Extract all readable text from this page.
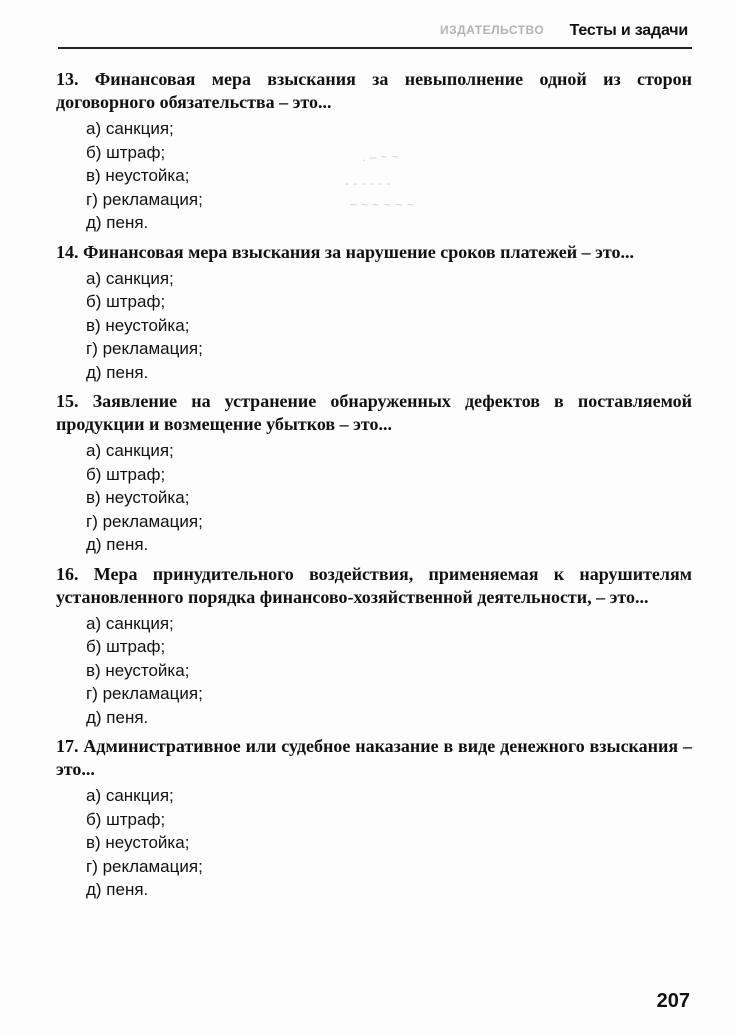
ИЗДАТЕЛЬСТВО Тесты и задачи
. – ~ ~
- - - - - -
~ ~ ~ ~ ~ ~

13. Финансовая мера взыскания за невыполнение одной из сторон договорного обязательства – это...

а) санкция;
б) штраф;
в) неустойка;
г) рекламация;
д) пеня.

14. Финансовая мера взыскания за нарушение сроков платежей – это...

а) санкция;
б) штраф;
в) неустойка;
г) рекламация;
д) пеня.

15. Заявление на устранение обнаруженных дефектов в поставляемой продукции и возмещение убытков – это...

а) санкция;
б) штраф;
в) неустойка;
г) рекламация;
д) пеня.

16. Мера принудительного воздействия, применяемая к нарушителям установленного порядка финансово-хозяйственной деятельности, – это...

а) санкция;
б) штраф;
в) неустойка;
г) рекламация;
д) пеня.

17. Административное или судебное наказание в виде денежного взыскания – это...

а) санкция;
б) штраф;
в) неустойка;
г) рекламация;
д) пеня.
207
